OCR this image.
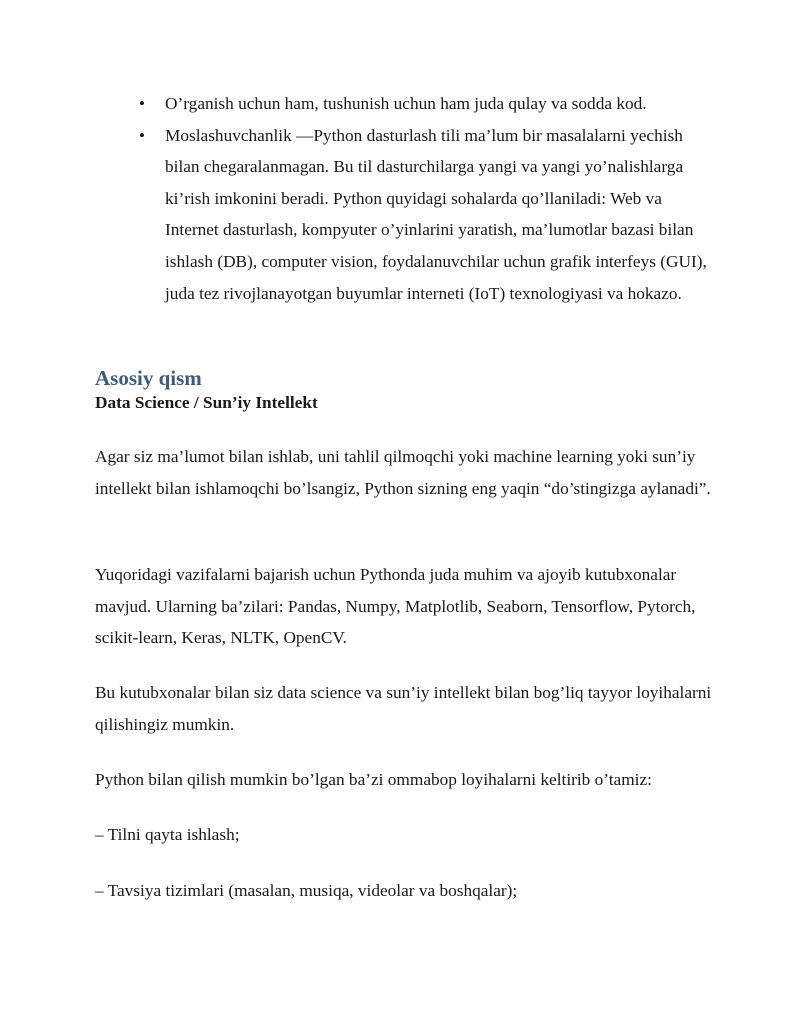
• O’rganish uchun ham, tushunish uchun ham juda qulay va sodda kod.
• Moslashuvchanlik —Python dasturlash tili ma’lum bir masalalarni yechish bilan chegaralanmagan. Bu til dasturchilarga yangi va yangi yo’nalishlarga ki’rish imkonini beradi. Python quyidagi sohalarda qo’llaniladi: Web va Internet dasturlash, kompyuter o’yinlarini yaratish, ma’lumotlar bazasi bilan ishlash (DB), computer vision, foydalanuvchilar uchun grafik interfeys (GUI), juda tez rivojlanayotgan buyumlar interneti (IoT) texnologiyasi va hokazo.
Asosiy qism
Data Science / Sun’iy Intellekt

Agar siz ma’lumot bilan ishlab, uni tahlil qilmoqchi yoki machine learning yoki sun’iy intellekt bilan ishlamoqchi bo’lsangiz, Python sizning eng yaqin “do’stingizga aylanadi”.

Yuqoridagi vazifalarni bajarish uchun Pythonda juda muhim va ajoyib kutubxonalar mavjud. Ularning ba’zilari: Pandas, Numpy, Matplotlib, Seaborn, Tensorflow, Pytorch, scikit-learn, Keras, NLTK, OpenCV.

Bu kutubxonalar bilan siz data science va sun’iy intellekt bilan bog’liq tayyor loyihalarni qilishingiz mumkin.

Python bilan qilish mumkin bo’lgan ba’zi ommabop loyihalarni keltirib o’tamiz:

– Tilni qayta ishlash;

– Tavsiya tizimlari (masalan, musiqa, videolar va boshqalar);
